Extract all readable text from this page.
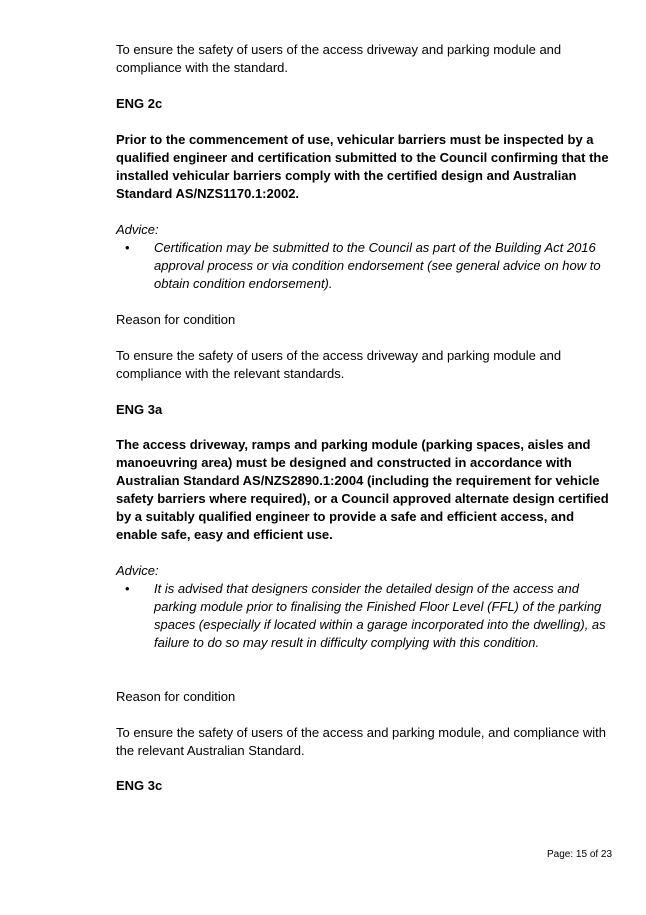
To ensure the safety of users of the access driveway and parking module and compliance with the standard.

ENG 2c

Prior to the commencement of use, vehicular barriers must be inspected by a qualified engineer and certification submitted to the Council confirming that the installed vehicular barriers comply with the certified design and Australian Standard AS/NZS1170.1:2002.

Advice:

• Certification may be submitted to the Council as part of the Building Act 2016 approval process or via condition endorsement (see general advice on how to obtain condition endorsement).

Reason for condition

To ensure the safety of users of the access driveway and parking module and compliance with the relevant standards.

ENG 3a

The access driveway, ramps and parking module (parking spaces, aisles and manoeuvring area) must be designed and constructed in accordance with Australian Standard AS/NZS2890.1:2004 (including the requirement for vehicle safety barriers where required), or a Council approved alternate design certified by a suitably qualified engineer to provide a safe and efficient access, and enable safe, easy and efficient use.

Advice:

• It is advised that designers consider the detailed design of the access and parking module prior to finalising the Finished Floor Level (FFL) of the parking spaces (especially if located within a garage incorporated into the dwelling), as failure to do so may result in difficulty complying with this condition.

Reason for condition

To ensure the safety of users of the access and parking module, and compliance with the relevant Australian Standard.

ENG 3c

Page: 15 of 23
